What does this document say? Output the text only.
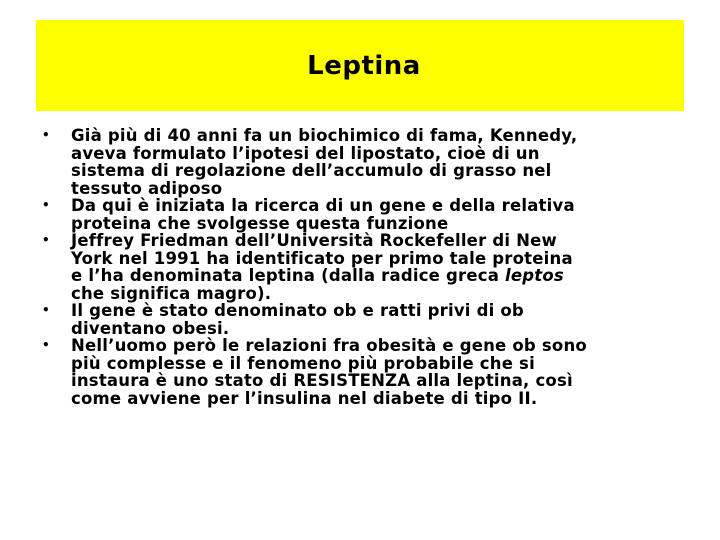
Leptina
• Già più di 40 anni fa un biochimico di fama, Kennedy,
aveva formulato l’ipotesi del lipostato, cioè di un
sistema di regolazione dell’accumulo di grasso nel
tessuto adiposo
• Da qui è iniziata la ricerca di un gene e della relativa
proteina che svolgesse questa funzione
• Jeffrey Friedman dell’Università Rockefeller di New
York nel 1991 ha identificato per primo tale proteina
e l’ha denominata leptina (dalla radice greca leptos
che significa magro).
• Il gene è stato denominato ob e ratti privi di ob
diventano obesi.
• Nell’uomo però le relazioni fra obesità e gene ob sono
più complesse e il fenomeno più probabile che si
instaura è uno stato di RESISTENZA alla leptina, così
come avviene per l’insulina nel diabete di tipo II.
